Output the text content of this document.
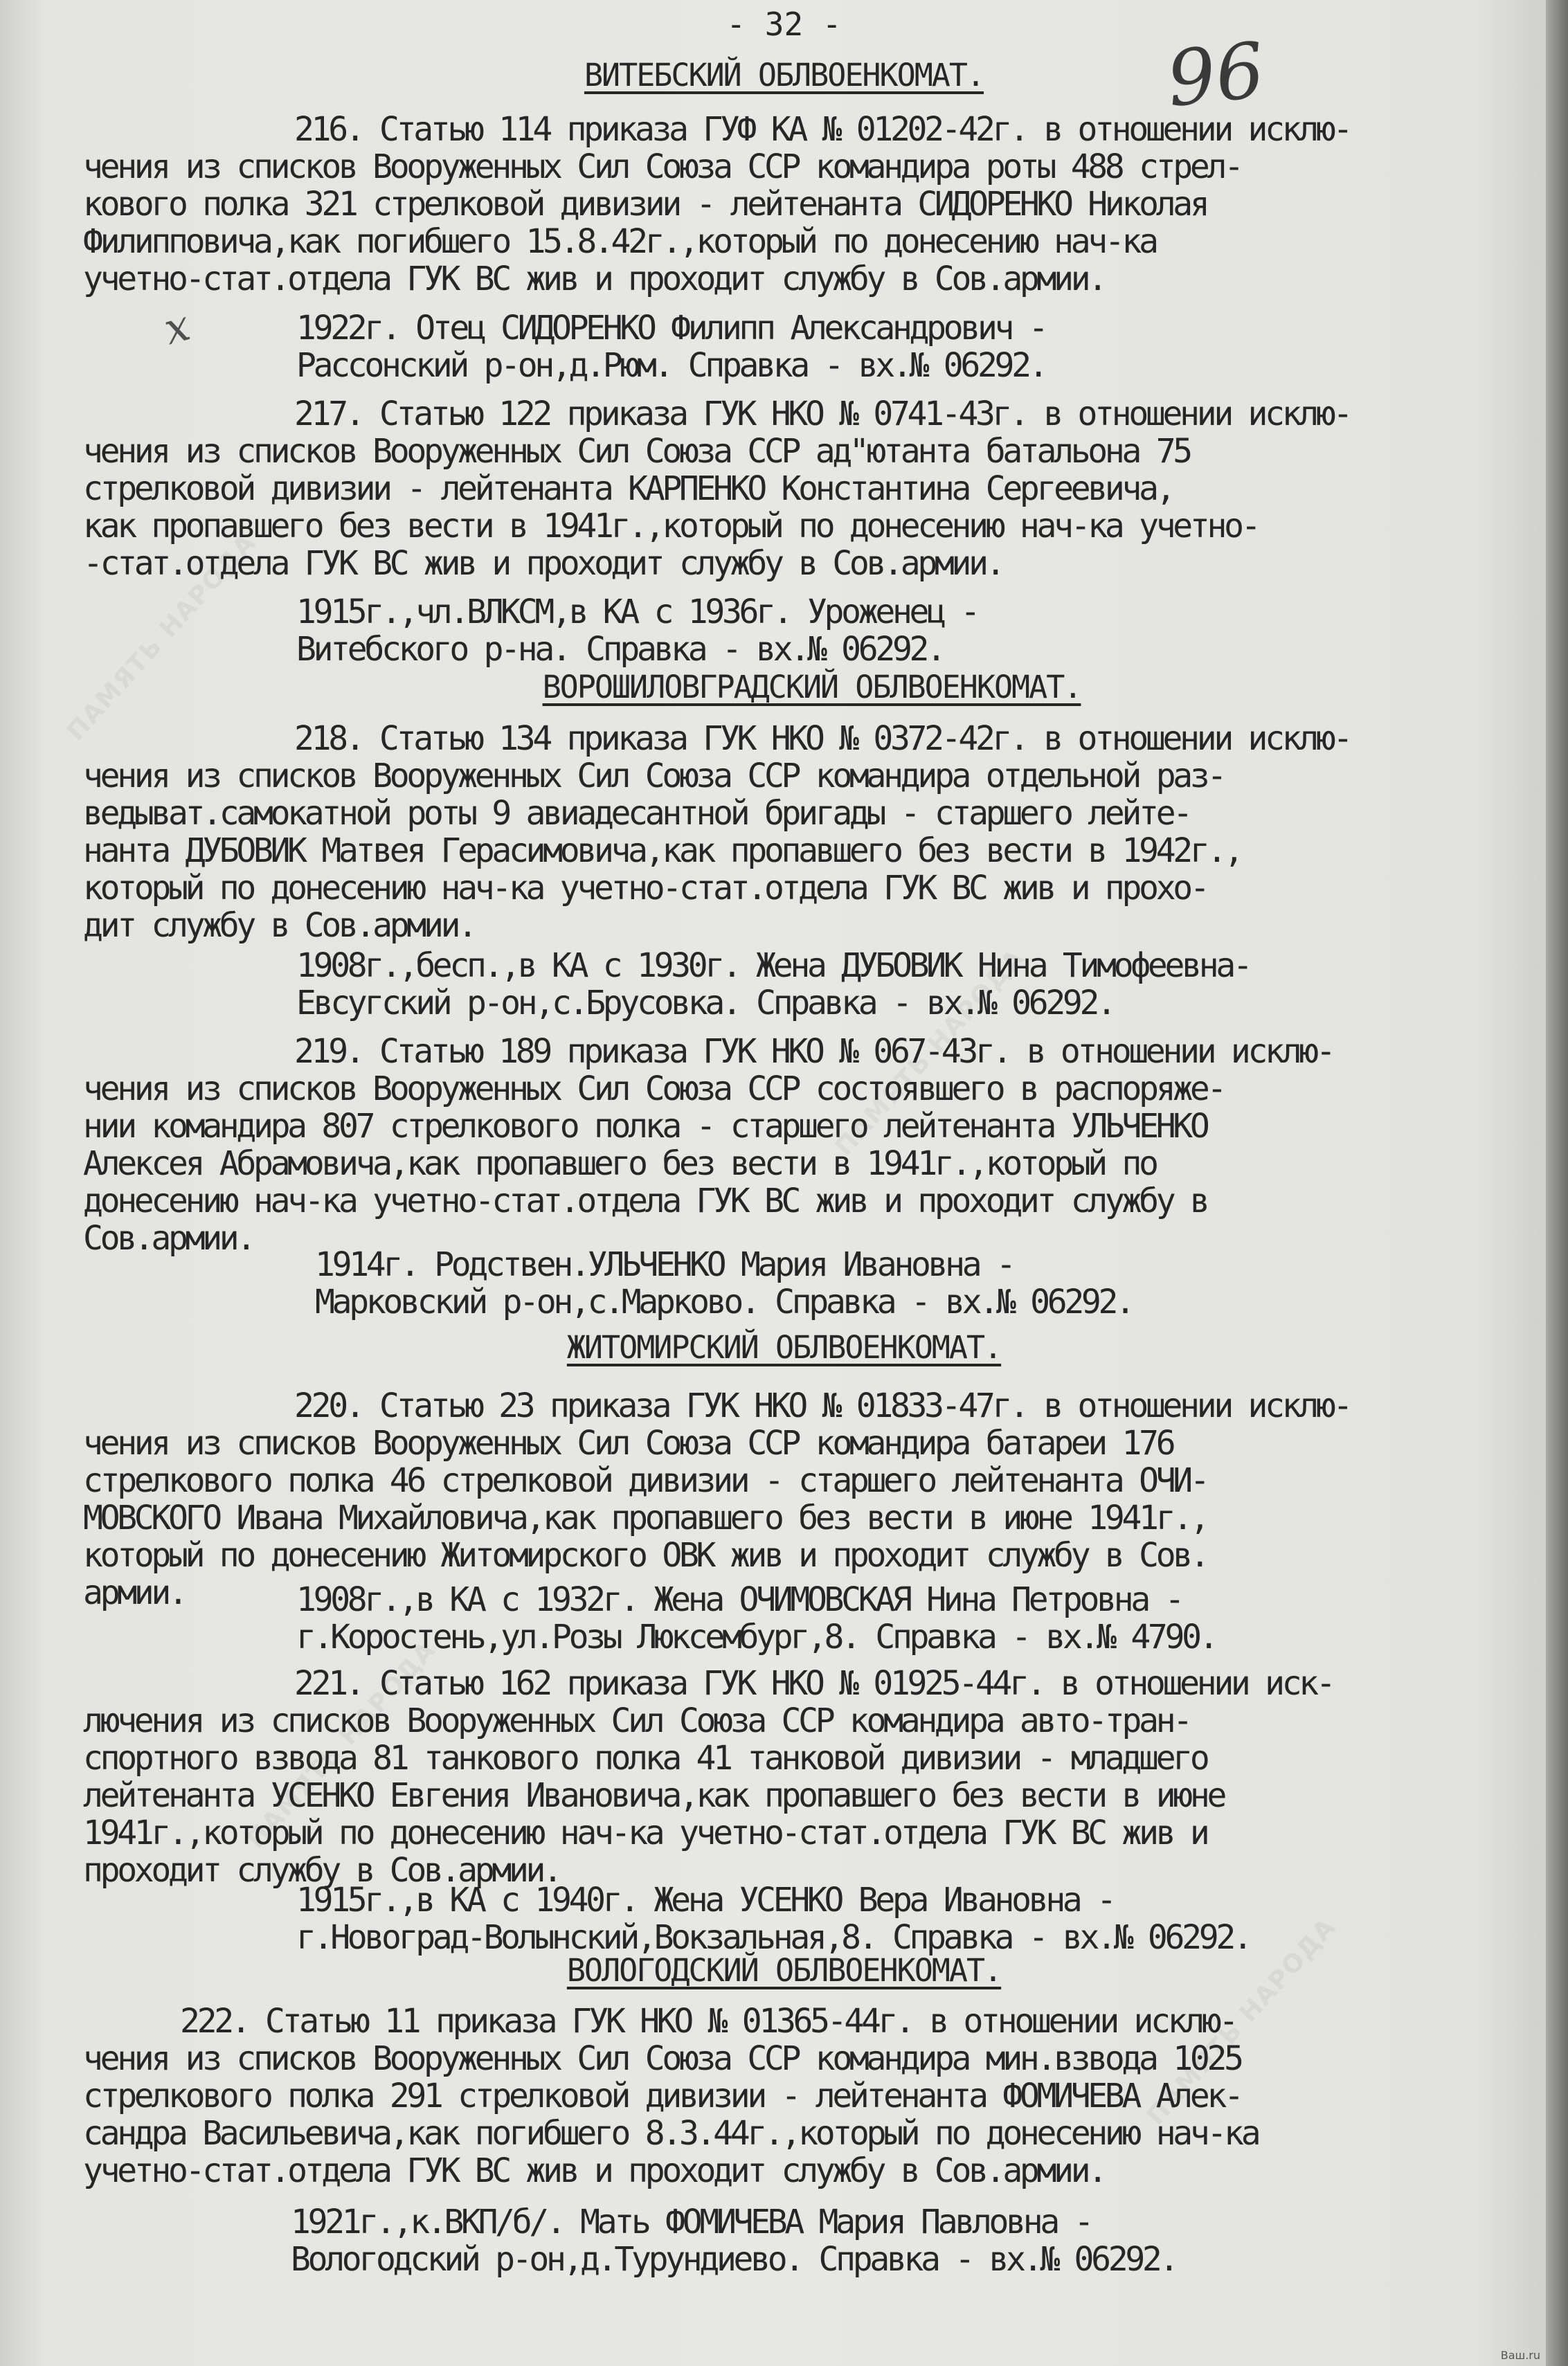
ПАМЯТЬ НАРОДА
ПАМЯТЬ НАРОДА
ПАМЯТЬ НАРОДА
ПАМЯТЬ НАРОДА
- 32 -
96
x
ВИТЕБСКИЙ ОБЛВОЕНКОМАТ.
216. Статью 114 приказа ГУФ КА № 01202-42г. в отношении исклю-
чения из списков Вооруженных Сил Союза ССР командира роты 488 стрел-
кового полка 321 стрелковой дивизии - лейтенанта СИДОРЕНКО Николая
Филипповича,как погибшего 15.8.42г.,который по донесению нач-ка
учетно-стат.отдела ГУК ВС жив и проходит службу в Сов.армии.
1922г. Отец СИДОРЕНКО Филипп Александрович -
Рассонский р-он,д.Рюм. Справка - вх.№ 06292.
217. Статью 122 приказа ГУК НКО № 0741-43г. в отношении исклю-
чения из списков Вооруженных Сил Союза ССР ад"ютанта батальона 75
стрелковой дивизии - лейтенанта КАРПЕНКО Константина Сергеевича,
как пропавшего без вести в 1941г.,который по донесению нач-ка учетно-
-стат.отдела ГУК ВС жив и проходит службу в Сов.армии.
1915г.,чл.ВЛКСМ,в КА с 1936г. Уроженец -
Витебского р-на. Справка - вх.№ 06292.
ВОРОШИЛОВГРАДСКИЙ ОБЛВОЕНКОМАТ.
218. Статью 134 приказа ГУК НКО № 0372-42г. в отношении исклю-
чения из списков Вооруженных Сил Союза ССР командира отдельной раз-
ведыват.самокатной роты 9 авиадесантной бригады - старшего лейте-
нанта ДУБОВИК Матвея Герасимовича,как пропавшего без вести в 1942г.,
который по донесению нач-ка учетно-стат.отдела ГУК ВС жив и прохо-
дит службу в Сов.армии.
1908г.,бесп.,в КА с 1930г. Жена ДУБОВИК Нина Тимофеевна-
Евсугский р-он,с.Брусовка. Справка - вх.№ 06292.
219. Статью 189 приказа ГУК НКО № 067-43г. в отношении исклю-
чения из списков Вооруженных Сил Союза ССР состоявшего в распоряже-
нии командира 807 стрелкового полка - старшего лейтенанта УЛЬЧЕНКО
Алексея Абрамовича,как пропавшего без вести в 1941г.,который по
донесению нач-ка учетно-стат.отдела ГУК ВС жив и проходит службу в
Сов.армии.
1914г. Родствен.УЛЬЧЕНКО Мария Ивановна -
Марковский р-он,с.Марково. Справка - вх.№ 06292.
ЖИТОМИРСКИЙ ОБЛВОЕНКОМАТ.
220. Статью 23 приказа ГУК НКО № 01833-47г. в отношении исклю-
чения из списков Вооруженных Сил Союза ССР командира батареи 176
стрелкового полка 46 стрелковой дивизии - старшего лейтенанта ОЧИ-
МОВСКОГО Ивана Михайловича,как пропавшего без вести в июне 1941г.,
который по донесению Житомирского ОВК жив и проходит службу в Сов.
армии.	1908г.,в КА с 1932г. Жена ОЧИМОВСКАЯ Нина Петровна -
г.Коростень,ул.Розы Люксембург,8. Справка - вх.№ 4790.
221. Статью 162 приказа ГУК НКО № 01925-44г. в отношении иск-
лючения из списков Вооруженных Сил Союза ССР командира авто-тран-
спортного взвода 81 танкового полка 41 танковой дивизии - младшего
лейтенанта УСЕНКО Евгения Ивановича,как пропавшего без вести в июне
1941г.,который по донесению нач-ка учетно-стат.отдела ГУК ВС жив и
проходит службу в Сов.армии.
1915г.,в КА с 1940г. Жена УСЕНКО Вера Ивановна -
г.Новоград-Волынский,Вокзальная,8. Справка - вх.№ 06292.
ВОЛОГОДСКИЙ ОБЛВОЕНКОМАТ.
222. Статью 11 приказа ГУК НКО № 01365-44г. в отношении исклю-
чения из списков Вооруженных Сил Союза ССР командира мин.взвода 1025
стрелкового полка 291 стрелковой дивизии - лейтенанта ФОМИЧЕВА Алек-
сандра Васильевича,как погибшего 8.3.44г.,который по донесению нач-ка
учетно-стат.отдела ГУК ВС жив и проходит службу в Сов.армии.
1921г.,к.ВКП/б/. Мать ФОМИЧЕВА Мария Павловна -
Вологодский р-он,д.Турундиево. Справка - вх.№ 06292.
Ваш.ru
